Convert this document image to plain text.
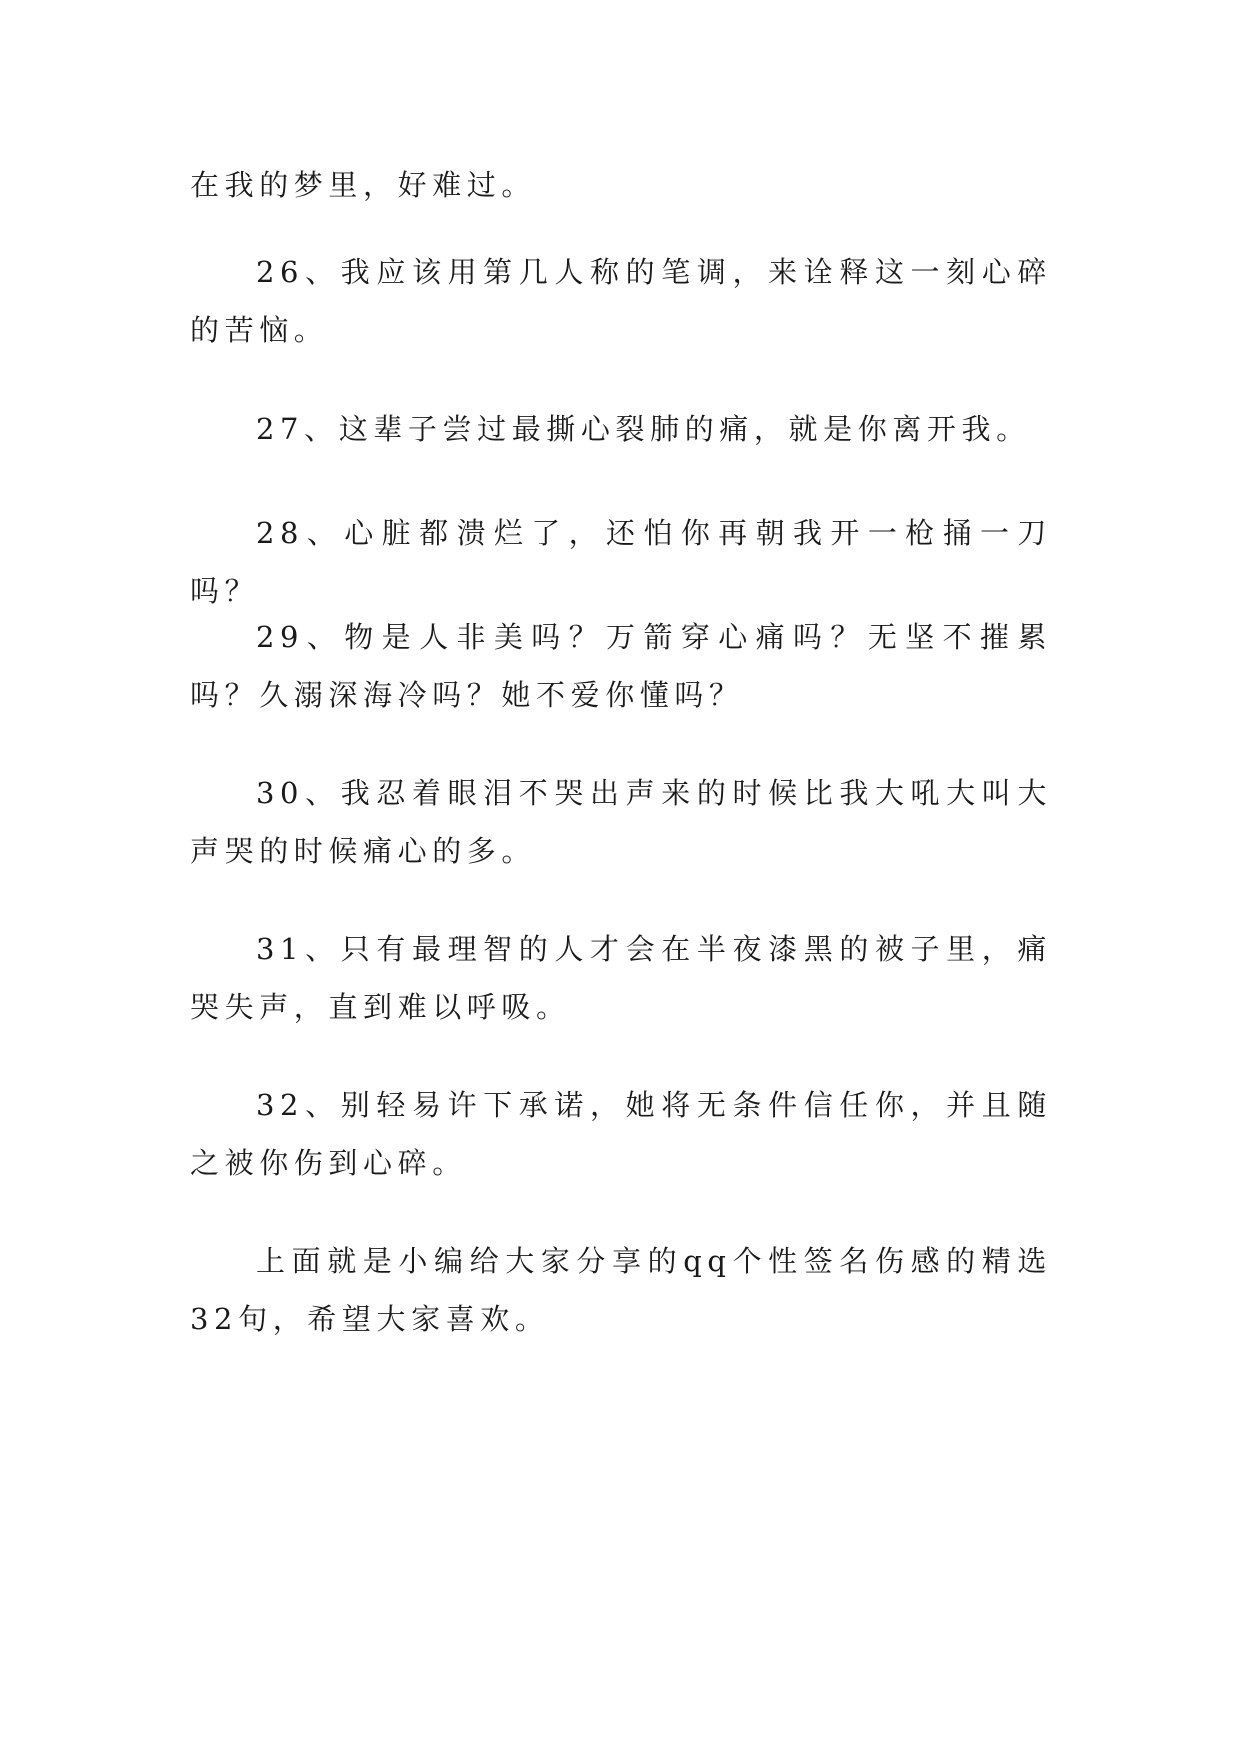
在我的梦里，好难过。

26、我应该用第几人称的笔调，来诠释这一刻心碎的苦恼。

27、这辈子尝过最撕心裂肺的痛，就是你离开我。

28、心脏都溃烂了，还怕你再朝我开一枪捅一刀吗？

29、物是人非美吗？万箭穿心痛吗？无坚不摧累吗？久溺深海冷吗？她不爱你懂吗？

30、我忍着眼泪不哭出声来的时候比我大吼大叫大声哭的时候痛心的多。

31、只有最理智的人才会在半夜漆黑的被子里，痛哭失声，直到难以呼吸。

32、别轻易许下承诺，她将无条件信任你，并且随之被你伤到心碎。

上面就是小编给大家分享的qq个性签名伤感的精选32句，希望大家喜欢。
